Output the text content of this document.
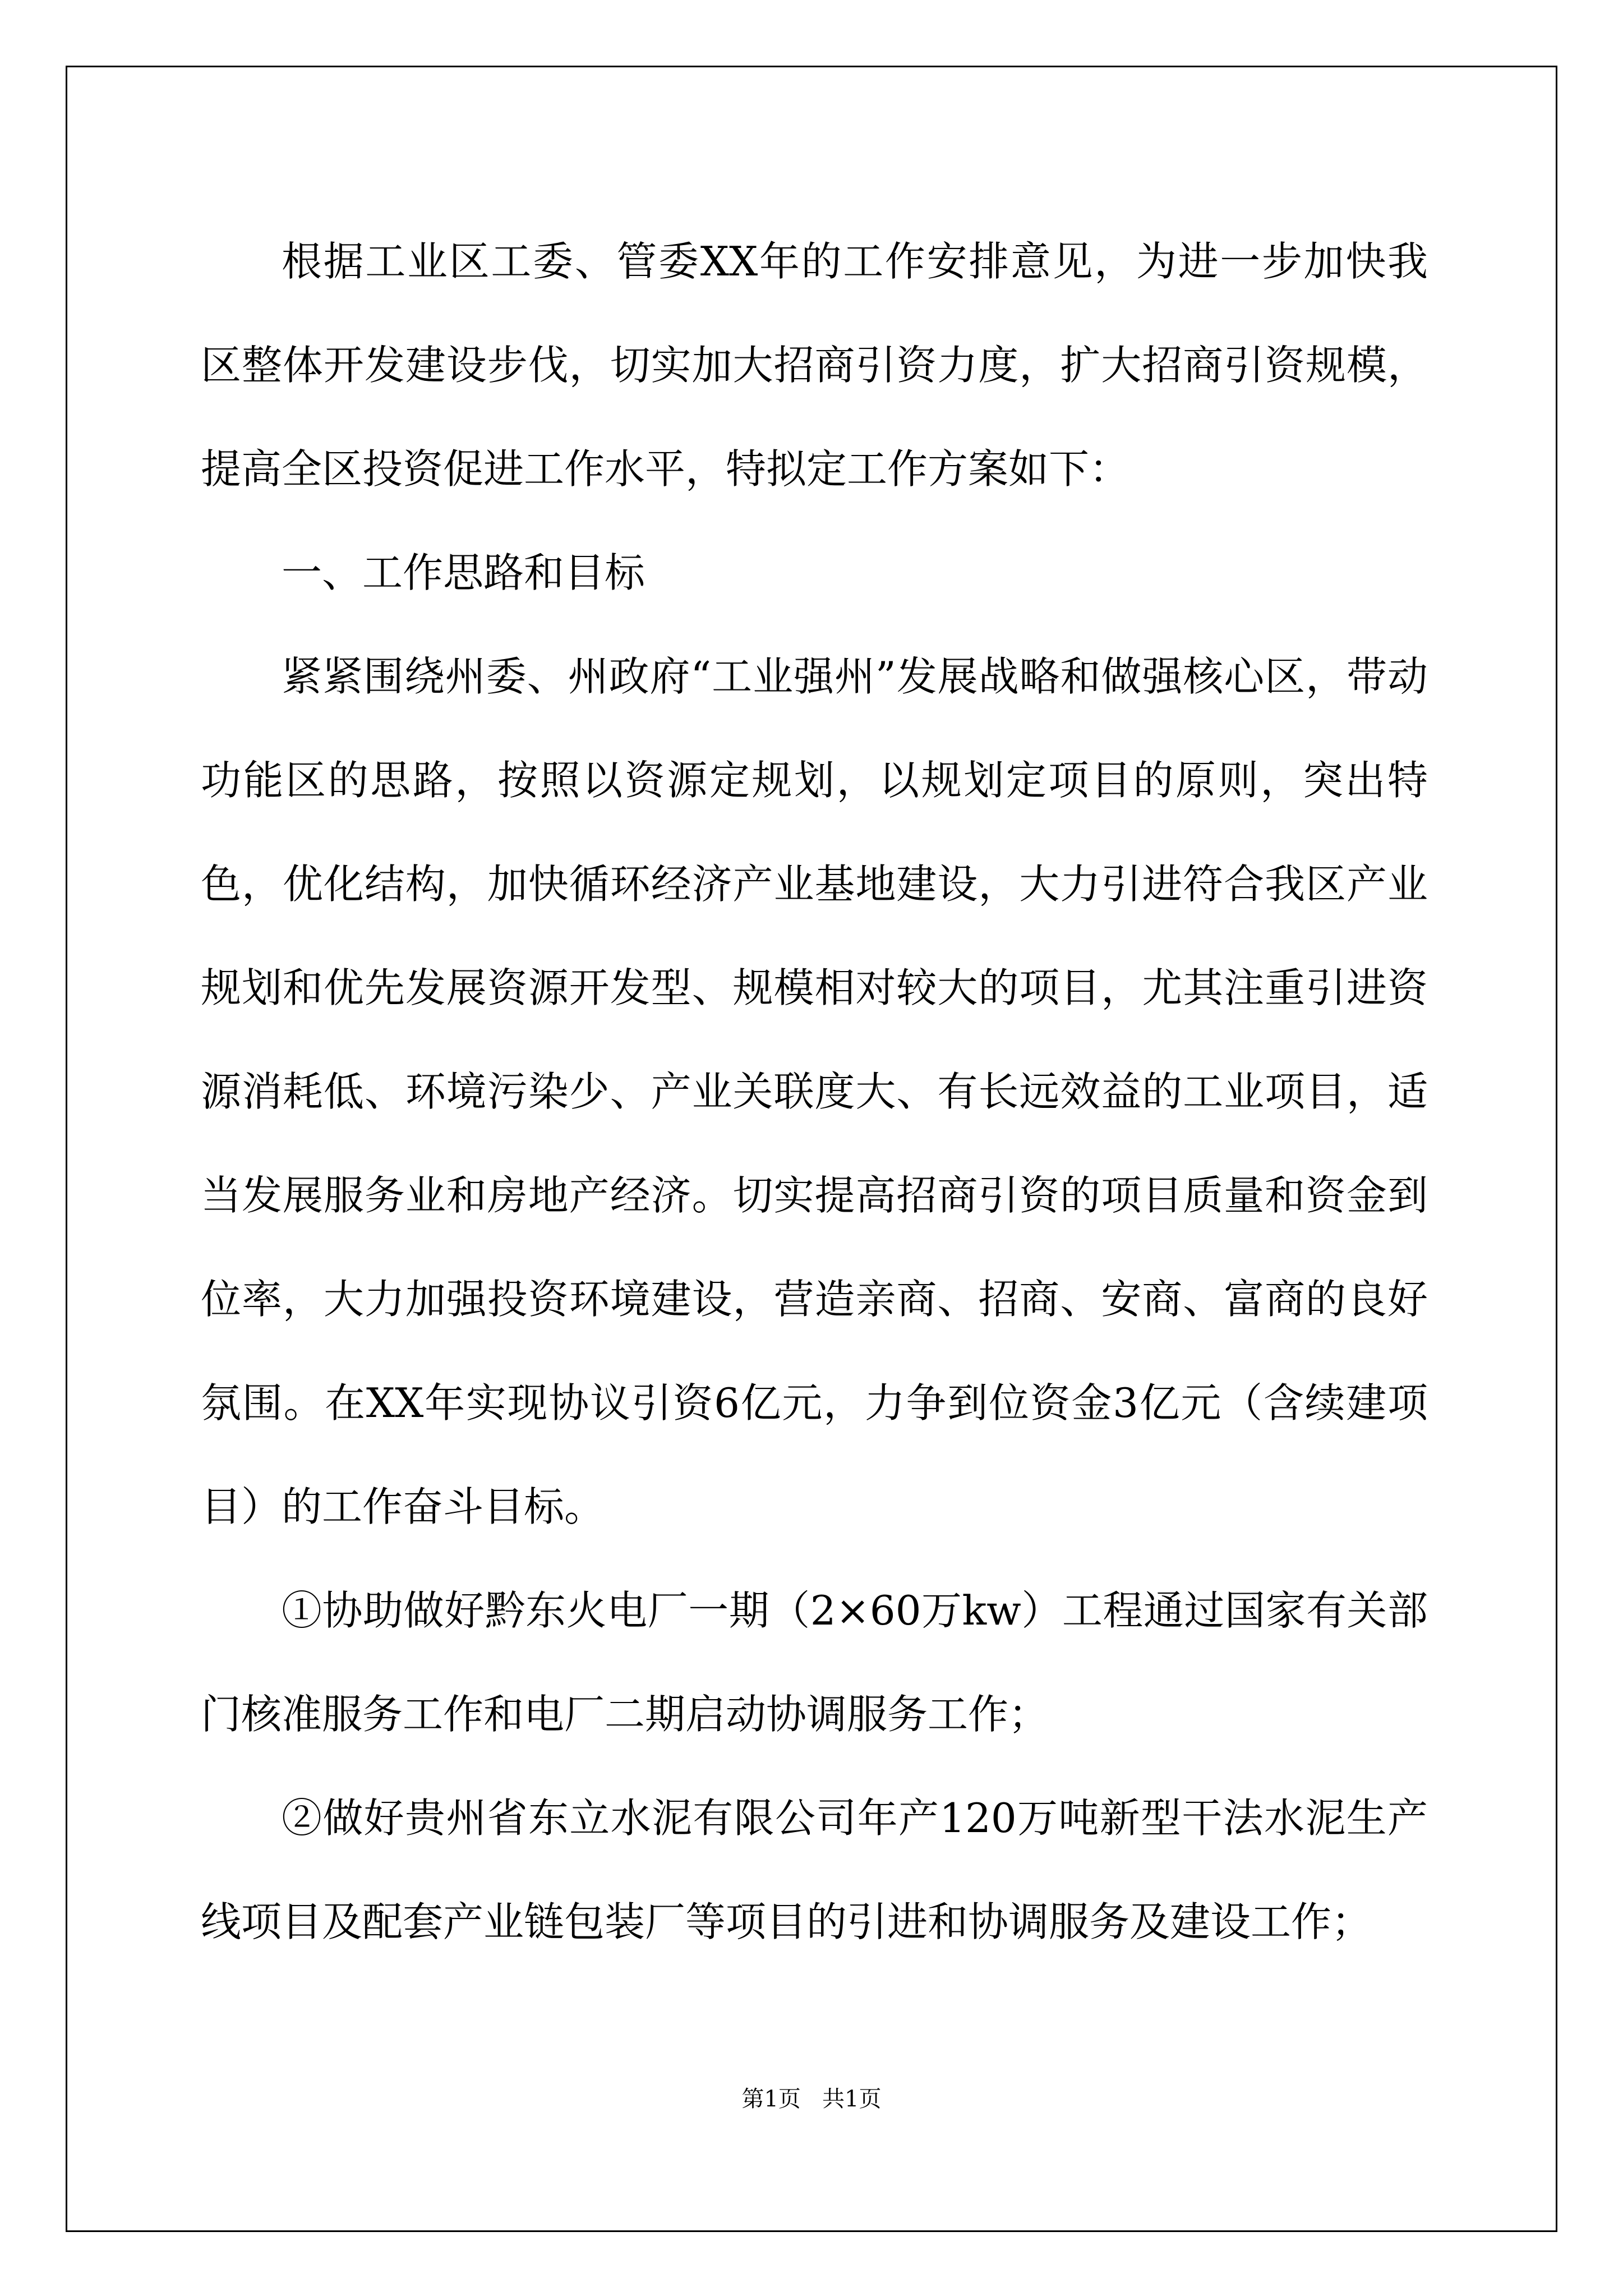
根据工业区工委、管委XX年的工作安排意见，为进一步加快我区整体开发建设步伐，切实加大招商引资力度，扩大招商引资规模，提高全区投资促进工作水平，特拟定工作方案如下：

一、工作思路和目标

紧紧围绕州委、州政府“工业强州”发展战略和做强核心区，带动功能区的思路，按照以资源定规划，以规划定项目的原则，突出特色，优化结构，加快循环经济产业基地建设，大力引进符合我区产业规划和优先发展资源开发型、规模相对较大的项目，尤其注重引进资源消耗低、环境污染少、产业关联度大、有长远效益的工业项目，适当发展服务业和房地产经济。切实提高招商引资的项目质量和资金到位率，大力加强投资环境建设，营造亲商、招商、安商、富商的良好氛围。在XX年实现协议引资6亿元，力争到位资金3亿元（含续建项目）的工作奋斗目标。

①协助做好黔东火电厂一期（2×60万kw）工程通过国家有关部门核准服务工作和电厂二期启动协调服务工作；

②做好贵州省东立水泥有限公司年产120万吨新型干法水泥生产线项目及配套产业链包装厂等项目的引进和协调服务及建设工作；

第1页   共1页
